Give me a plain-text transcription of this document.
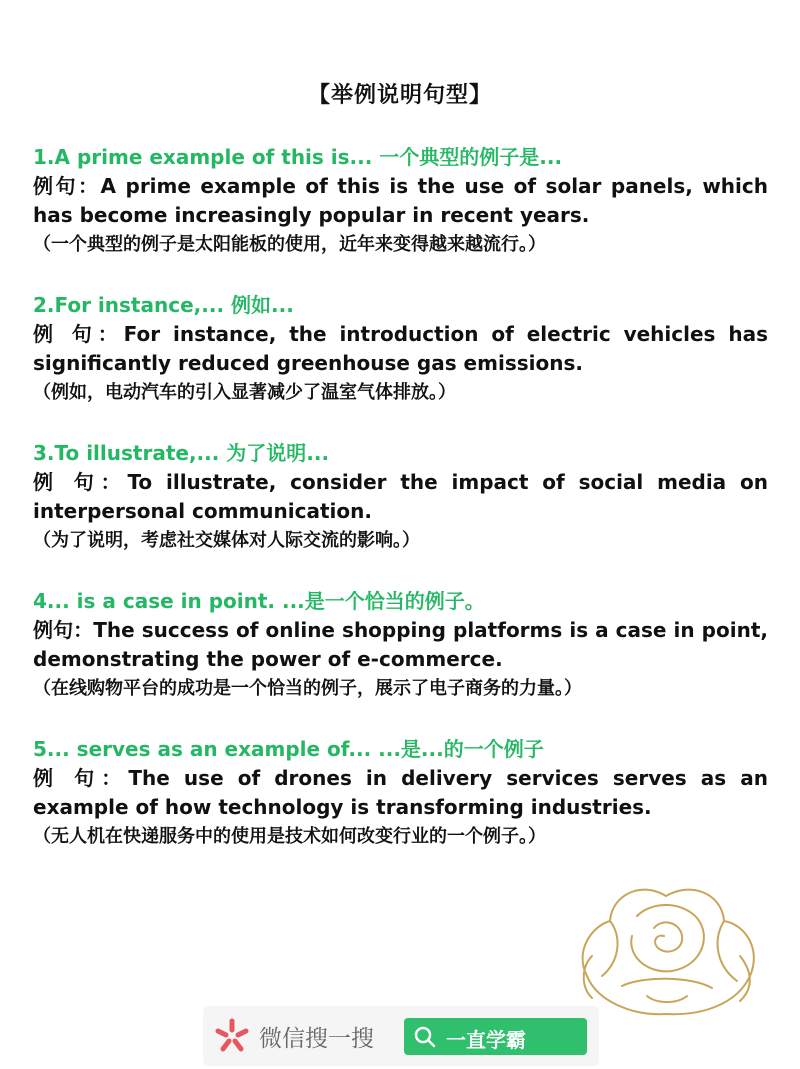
【举例说明句型】
1.A prime example of this is... 一个典型的例子是...

例句：A prime example of this is the use of solar panels, which has become increasingly popular in recent years.

（一个典型的例子是太阳能板的使用，近年来变得越来越流行。）
2.For instance,... 例如...

例 句：For instance, the introduction of electric vehicles has significantly reduced greenhouse gas emissions.

（例如，电动汽车的引入显著减少了温室气体排放。）
3.To illustrate,... 为了说明...

例 句：To illustrate, consider the impact of social media on interpersonal communication.

（为了说明，考虑社交媒体对人际交流的影响。）
4... is a case in point. ...是一个恰当的例子。

例句：The success of online shopping platforms is a case in point, demonstrating the power of e-commerce.

（在线购物平台的成功是一个恰当的例子，展示了电子商务的力量。）
5... serves as an example of... ...是...的一个例子

例 句：The use of drones in delivery services serves as an example of how technology is transforming industries.

（无人机在快递服务中的使用是技术如何改变行业的一个例子。）
微信搜一搜	一直学霸
